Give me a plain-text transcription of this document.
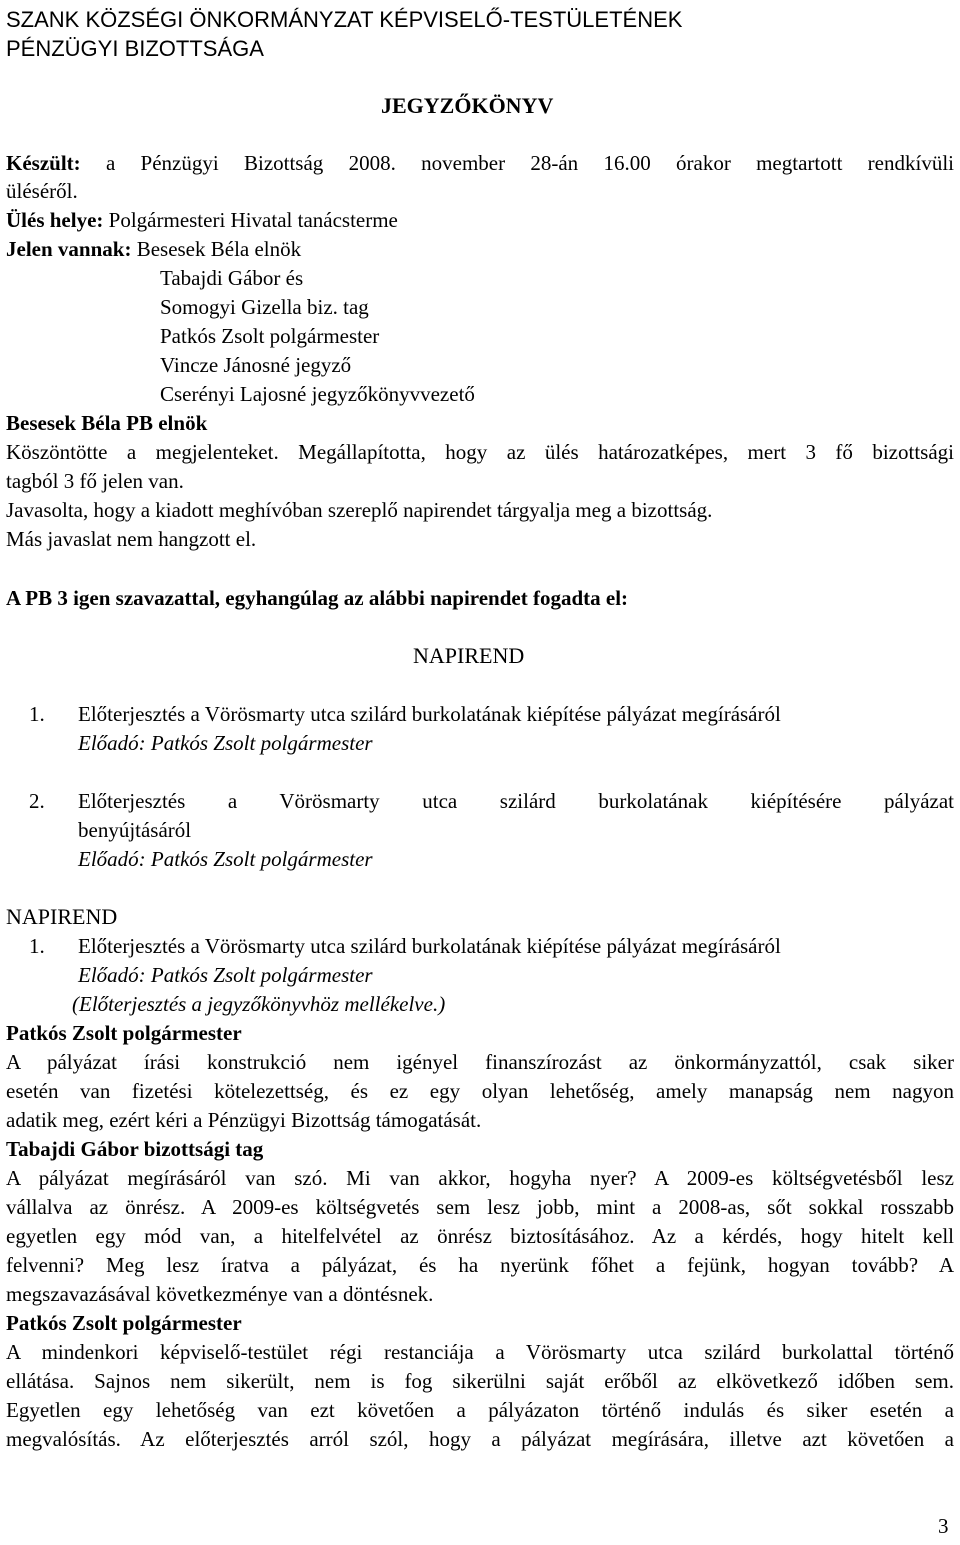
SZANK KÖZSÉGI ÖNKORMÁNYZAT KÉPVISELŐ-TESTÜLETÉNEK
PÉNZÜGYI BIZOTTSÁGA
JEGYZŐKÖNYV
Készült: a Pénzügyi Bizottság 2008. november 28-án 16.00 órakor megtartott rendkívüli
üléséről.
Ülés helye: Polgármesteri Hivatal tanácsterme
Jelen vannak: Besesek Béla elnök
Tabajdi Gábor és
Somogyi Gizella biz. tag
Patkós Zsolt polgármester
Vincze Jánosné jegyző
Cserényi Lajosné jegyzőkönyvvezető
Besesek Béla PB elnök
Köszöntötte a megjelenteket. Megállapította, hogy az ülés határozatképes, mert 3 fő bizottsági
tagból 3 fő jelen van.
Javasolta, hogy a kiadott meghívóban szereplő napirendet tárgyalja meg a bizottság.
Más javaslat nem hangzott el.
A PB 3 igen szavazattal, egyhangúlag az alábbi napirendet fogadta el:
NAPIREND
1. Előterjesztés a Vörösmarty utca szilárd burkolatának kiépítése pályázat megírásáról
Előadó: Patkós Zsolt polgármester
2. Előterjesztés a Vörösmarty utca szilárd burkolatának kiépítésére pályázat
benyújtásáról
Előadó: Patkós Zsolt polgármester
NAPIREND
1. Előterjesztés a Vörösmarty utca szilárd burkolatának kiépítése pályázat megírásáról
Előadó: Patkós Zsolt polgármester
(Előterjesztés a jegyzőkönyvhöz mellékelve.)
Patkós Zsolt polgármester
A pályázat írási konstrukció nem igényel finanszírozást az önkormányzattól, csak siker
esetén van fizetési kötelezettség, és ez egy olyan lehetőség, amely manapság nem nagyon
adatik meg, ezért kéri a Pénzügyi Bizottság támogatását.
Tabajdi Gábor bizottsági tag
A pályázat megírásáról van szó. Mi van akkor, hogyha nyer? A 2009-es költségvetésből lesz
vállalva az önrész. A 2009-es költségvetés sem lesz jobb, mint a 2008-as, sőt sokkal rosszabb
egyetlen egy mód van, a hitelfelvétel az önrész biztosításához. Az a kérdés, hogy hitelt kell
felvenni? Meg lesz íratva a pályázat, és ha nyerünk főhet a fejünk, hogyan tovább? A
megszavazásával következménye van a döntésnek.
Patkós Zsolt polgármester
A mindenkori képviselő-testület régi restanciája a Vörösmarty utca szilárd burkolattal történő
ellátása. Sajnos nem sikerült, nem is fog sikerülni saját erőből az elkövetkező időben sem.
Egyetlen egy lehetőség van ezt követően a pályázaton történő indulás és siker esetén a
megvalósítás. Az előterjesztés arról szól, hogy a pályázat megírására, illetve azt követően a
3
